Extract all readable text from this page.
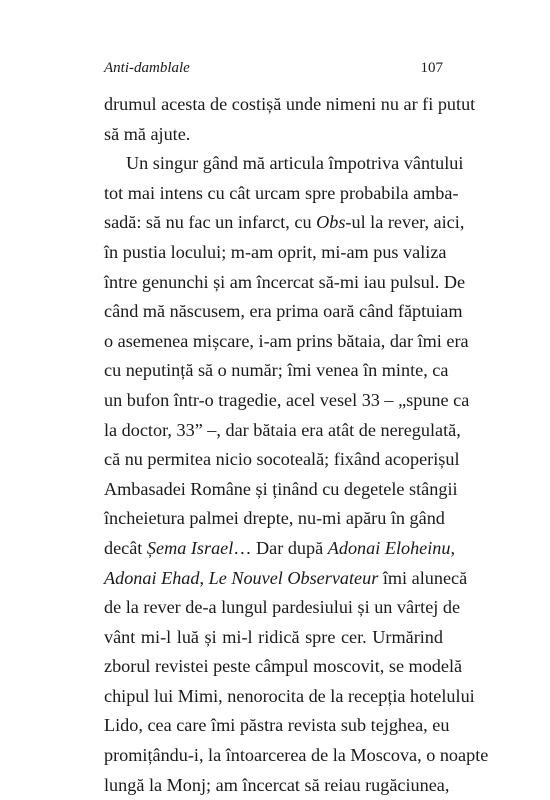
Anti-damblale	107
drumul acesta de costișă unde nimeni nu ar fi putut
să mă ajute.
Un singur gând mă articula împotriva vântului
tot mai intens cu cât urcam spre probabila amba-
sadă: să nu fac un infarct, cu Obs-ul la rever, aici,
în pustia locului; m-am oprit, mi-am pus valiza
între genunchi și am încercat să-mi iau pulsul. De
când mă născusem, era prima oară când făptuiam
o asemenea mișcare, i-am prins bătaia, dar îmi era
cu neputință să o număr; îmi venea în minte, ca
un bufon într-o tragedie, acel vesel 33 – „spune ca
la doctor, 33” –, dar bătaia era atât de neregulată,
că nu permitea nicio socoteală; fixând acoperișul
Ambasadei Române și ținând cu degetele stângii
încheietura palmei drepte, nu-mi apăru în gând
decât Șema Israel… Dar după Adonai Eloheinu,
Adonai Ehad, Le Nouvel Observateur îmi alunecă
de la rever de-a lungul pardesiului și un vârtej de
vânt mi-l luă și mi-l ridică spre cer. Urmărind
zborul revistei peste câmpul moscovit, se modelă
chipul lui Mimi, nenorocita de la recepția hotelului
Lido, cea care îmi păstra revista sub tejghea, eu
promițându-i, la întoarcerea de la Moscova, o noapte
lungă la Monj; am încercat să reiau rugăciunea,
